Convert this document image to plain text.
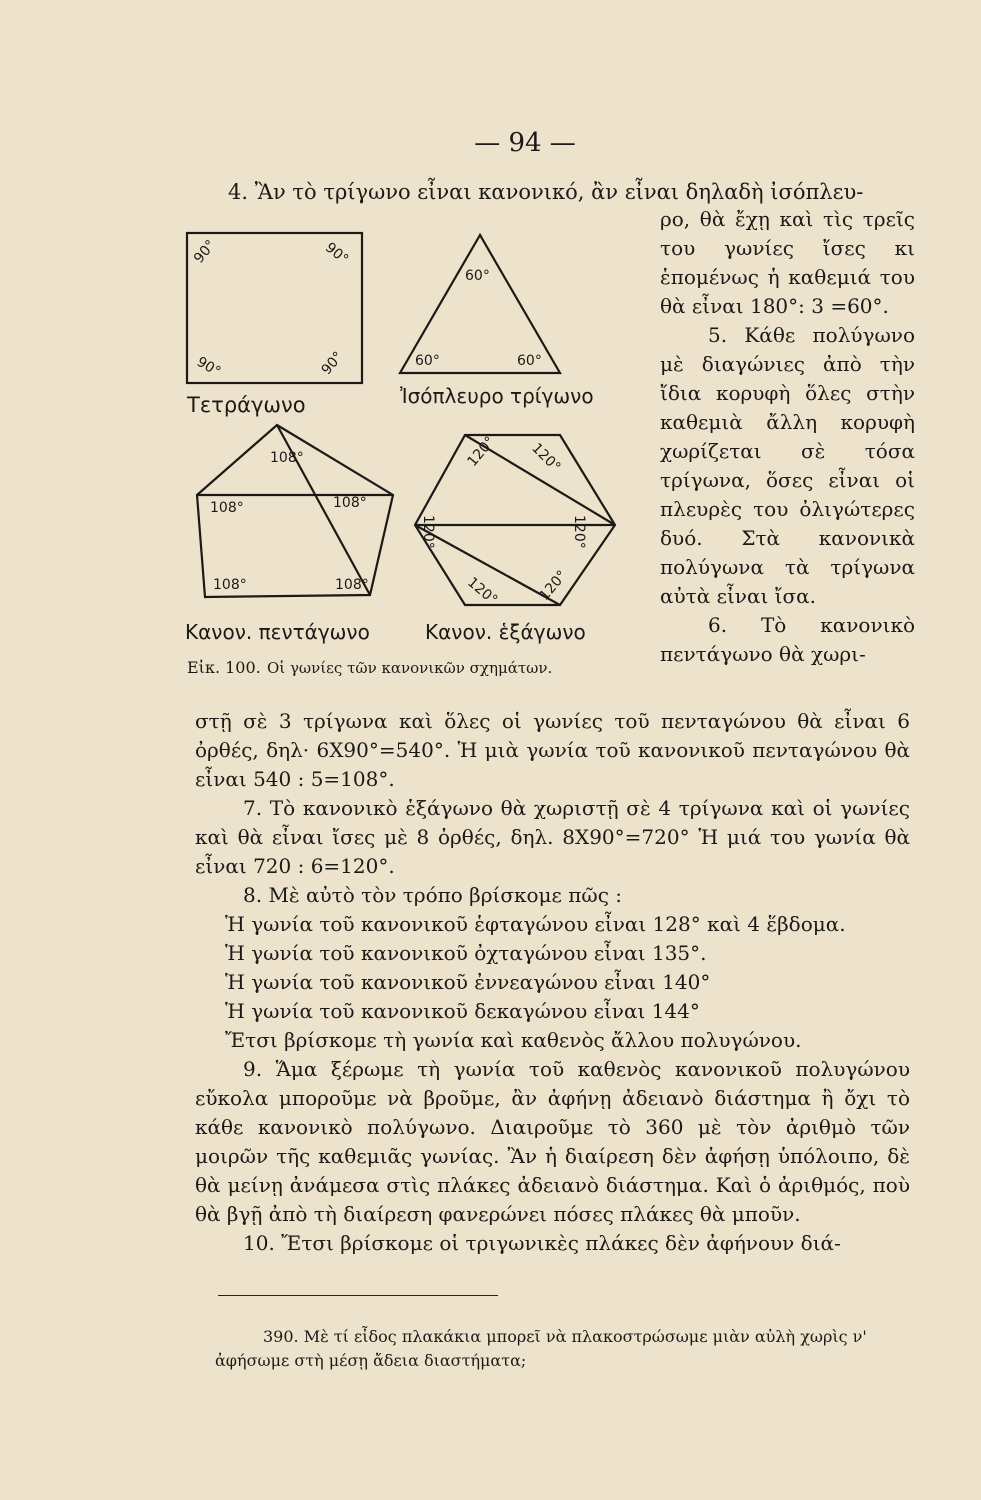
— 94 —
4. Ἂν τὸ τρίγωνο εἶναι κανονικό, ἂν εἶναι δηλαδὴ ἰσόπλευ-
90°	90°
90°	90°
60°
60°	60°
108°
108°	108°
108°	108°
120° 120°
120°
120°
120°
120°
Τετράγωνο	Ἰσόπλευρο τρίγωνο
Κανον. πεντάγωνο	Κανον. ἑξάγωνο
Εἰκ. 100. Οἱ γωνίες τῶν κανονικῶν σχημάτων.

ρο, θὰ ἔχῃ καὶ τὶς τρεῖς του γωνίες ἴσες κι ἑπομένως ἡ καθεμιά του θὰ εἶναι 180°: 3 =60°.

5. Κάθε πολύγωνο μὲ διαγώνιες ἀπὸ τὴν ἴδια κορυφὴ ὅλες στὴν καθεμιὰ ἄλλη κορυφὴ χωρίζεται σὲ τόσα τρίγωνα, ὅσες εἶναι οἱ πλευρὲς του ὀλιγώτερες δυό. Στὰ κανονικὰ πολύγωνα τὰ τρίγωνα αὐτὰ εἶναι ἴσα.

6. Τὸ κανονικὸ πεντάγωνο θὰ χωρι-

στῇ σὲ 3 τρίγωνα καὶ ὅλες οἱ γωνίες τοῦ πενταγώνου θὰ εἶναι 6 ὀρθές, δηλ· 6X90°=540°. Ἡ μιὰ γωνία τοῦ κανονικοῦ πενταγώνου θὰ εἶναι 540 : 5=108°.

7. Τὸ κανονικὸ ἑξάγωνο θὰ χωριστῇ σὲ 4 τρίγωνα καὶ οἱ γωνίες καὶ θὰ εἶναι ἴσες μὲ 8 ὀρθές, δηλ. 8X90°=720° Ἡ μιά του γωνία θὰ εἶναι 720 : 6=120°.

8. Μὲ αὐτὸ τὸν τρόπο βρίσκομε πῶς :

Ἡ γωνία τοῦ κανονικοῦ ἑφταγώνου εἶναι 128° καὶ 4 ἕβδομα.

Ἡ γωνία τοῦ κανονικοῦ ὀχταγώνου εἶναι 135°.

Ἡ γωνία τοῦ κανονικοῦ ἐννεαγώνου εἶναι 140°

Ἡ γωνία τοῦ κανονικοῦ δεκαγώνου εἶναι 144°

Ἔτσι βρίσκομε τὴ γωνία καὶ καθενὸς ἄλλου πολυγώνου.

9. Ἅμα ξέρωμε τὴ γωνία τοῦ καθενὸς κανονικοῦ πολυγώνου εὔκολα μποροῦμε νὰ βροῦμε, ἂν ἀφήνῃ ἀδειανὸ διάστημα ἢ ὄχι τὸ κάθε κανονικὸ πολύγωνο. Διαιροῦμε τὸ 360 μὲ τὸν ἀριθμὸ τῶν μοιρῶν τῆς καθεμιᾶς γωνίας. Ἂν ἡ διαίρεση δὲν ἀφήσῃ ὑπόλοιπο, δὲ θὰ μείνῃ ἀνάμεσα στὶς πλάκες ἀδειανὸ διάστημα. Καὶ ὁ ἀριθμός, ποὺ θὰ βγῇ ἀπὸ τὴ διαίρεση φανερώνει πόσες πλάκες θὰ μποῦν.

10. Ἔτσι βρίσκομε οἱ τριγωνικὲς πλάκες δὲν ἀφήνουν διά-

390. Μὲ τί εἶδος πλακάκια μπορεῖ νὰ πλακοστρώσωμε μιὰν αὐλὴ χωρὶς ν' ἀφήσωμε στὴ μέσῃ ἄδεια διαστήματα;
